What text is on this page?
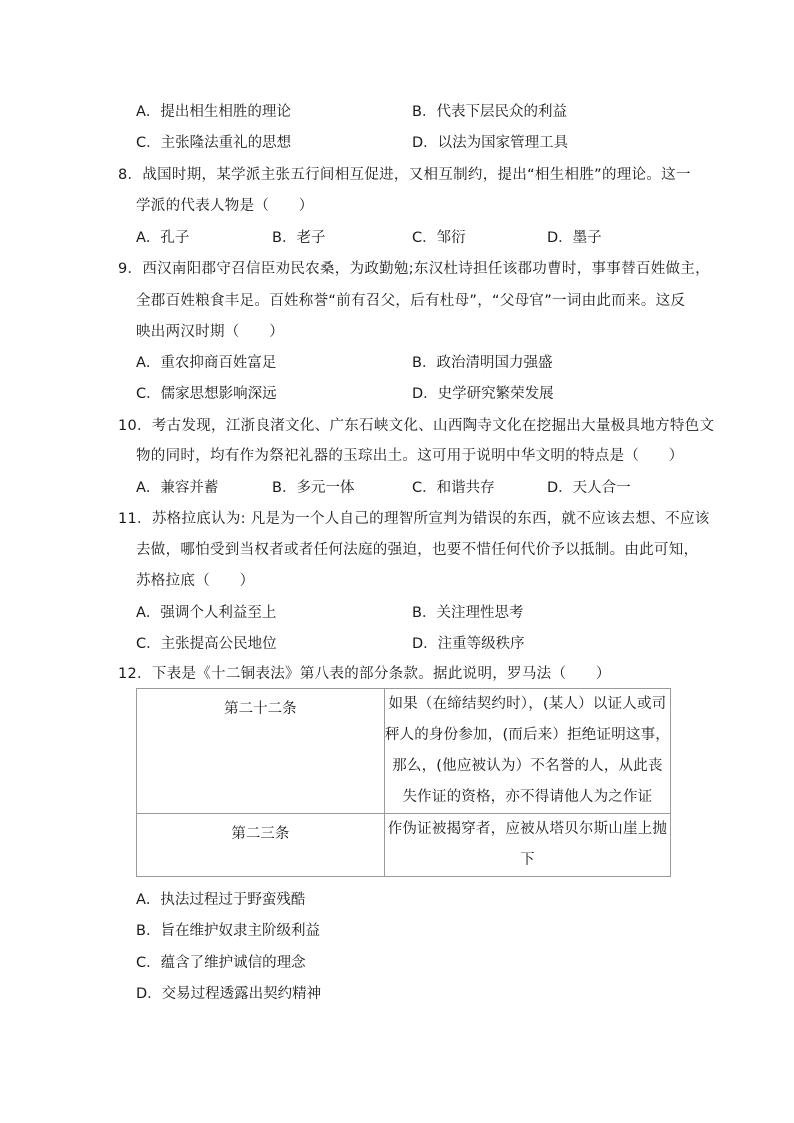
A．提出相生相胜的理论	B．代表下层民众的利益
C．主张隆法重礼的思想	D．以法为国家管理工具
8．战国时期，某学派主张五行间相互促进，又相互制约，提出“相生相胜”的理论。这一
学派的代表人物是（　　）
A．孔子	B．老子	C．邹衍	D．墨子
9．西汉南阳郡守召信臣劝民农桑，为政勤勉;东汉杜诗担任该郡功曹时，事事替百姓做主，
全郡百姓粮食丰足。百姓称誉“前有召父，后有杜母”，“父母官”一词由此而来。这反
映出两汉时期（　　）
A．重农抑商百姓富足	B．政治清明国力强盛
C．儒家思想影响深远	D．史学研究繁荣发展
10．考古发现，江浙良渚文化、广东石峡文化、山西陶寺文化在挖掘出大量极具地方特色文
物的同时，均有作为祭祀礼器的玉琮出土。这可用于说明中华文明的特点是（　　）
A．兼容并蓄	B．多元一体	C．和谐共存	D．天人合一
11．苏格拉底认为: 凡是为一个人自己的理智所宣判为错误的东西，就不应该去想、不应该
去做，哪怕受到当权者或者任何法庭的强迫，也要不惜任何代价予以抵制。由此可知，
苏格拉底（　　）
A．强调个人利益至上	B．关注理性思考
C．主张提高公民地位	D．注重等级秩序
12．下表是《十二铜表法》第八表的部分条款。据此说明，罗马法（　　）
第二十二条	如果（在缔结契约时），(某人）以证人或司
秤人的身份参加，(而后来）拒绝证明这事，
那么，(他应被认为）不名誉的人，从此丧
失作证的资格，亦不得请他人为之作证

第二三条	作伪证被揭穿者，应被从塔贝尔斯山崖上抛
下
A．执法过程过于野蛮残酷
B．旨在维护奴隶主阶级利益
C．蕴含了维护诚信的理念
D．交易过程透露出契约精神
